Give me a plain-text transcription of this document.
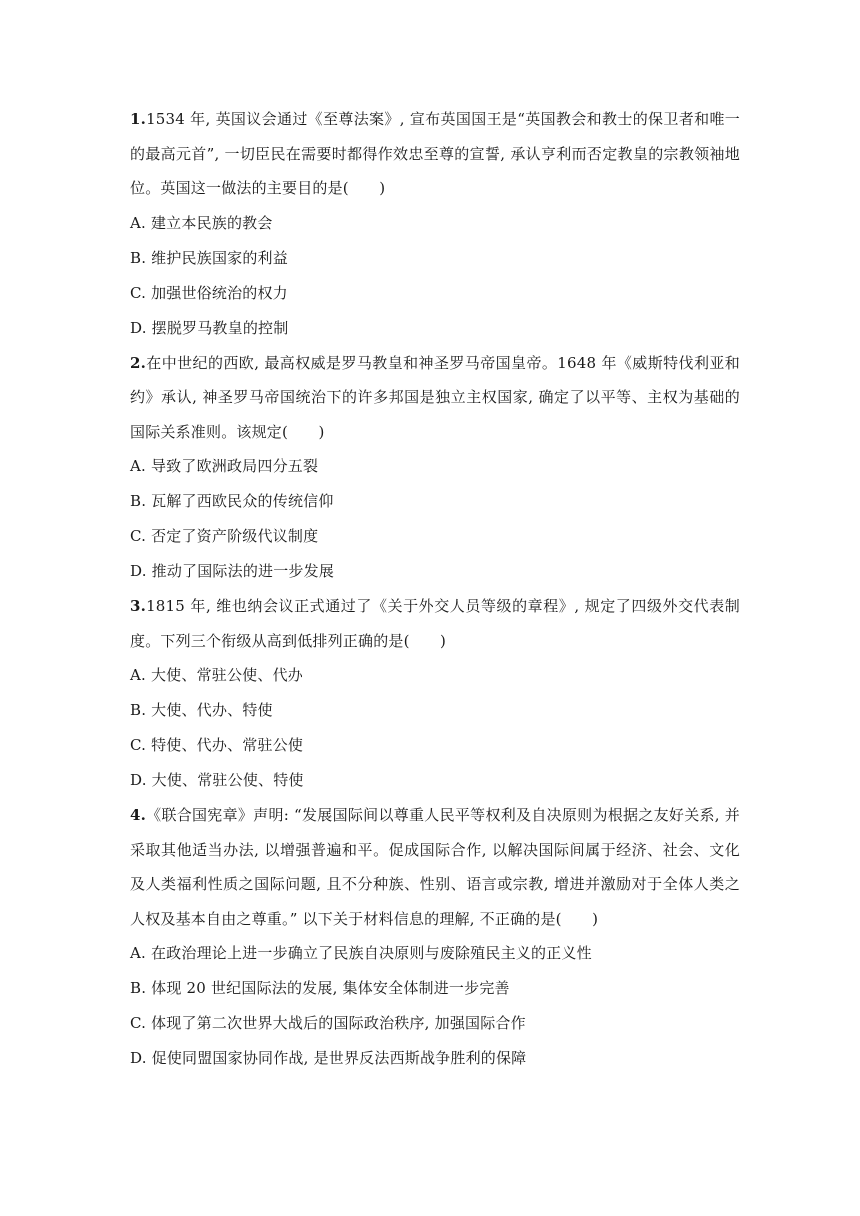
1.1534 年, 英国议会通过《至尊法案》, 宣布英国国王是“英国教会和教士的保卫者和唯一的最高元首”, 一切臣民在需要时都得作效忠至尊的宣誓, 承认亨利而否定教皇的宗教领袖地位。英国这一做法的主要目的是(　　)

A. 建立本民族的教会

B. 维护民族国家的利益

C. 加强世俗统治的权力

D. 摆脱罗马教皇的控制

2.在中世纪的西欧, 最高权威是罗马教皇和神圣罗马帝国皇帝。1648 年《威斯特伐利亚和约》承认, 神圣罗马帝国统治下的许多邦国是独立主权国家, 确定了以平等、主权为基础的国际关系准则。该规定(　　)

A. 导致了欧洲政局四分五裂

B. 瓦解了西欧民众的传统信仰

C. 否定了资产阶级代议制度

D. 推动了国际法的进一步发展

3.1815 年, 维也纳会议正式通过了《关于外交人员等级的章程》, 规定了四级外交代表制度。下列三个衔级从高到低排列正确的是(　　)

A. 大使、常驻公使、代办

B. 大使、代办、特使

C. 特使、代办、常驻公使

D. 大使、常驻公使、特使

4.《联合国宪章》声明: “发展国际间以尊重人民平等权利及自决原则为根据之友好关系, 并采取其他适当办法, 以增强普遍和平。促成国际合作, 以解决国际间属于经济、社会、文化及人类福利性质之国际问题, 且不分种族、性别、语言或宗教, 增进并激励对于全体人类之人权及基本自由之尊重。” 以下关于材料信息的理解, 不正确的是(　　)

A. 在政治理论上进一步确立了民族自决原则与废除殖民主义的正义性

B. 体现 20 世纪国际法的发展, 集体安全体制进一步完善

C. 体现了第二次世界大战后的国际政治秩序, 加强国际合作

D. 促使同盟国家协同作战, 是世界反法西斯战争胜利的保障
